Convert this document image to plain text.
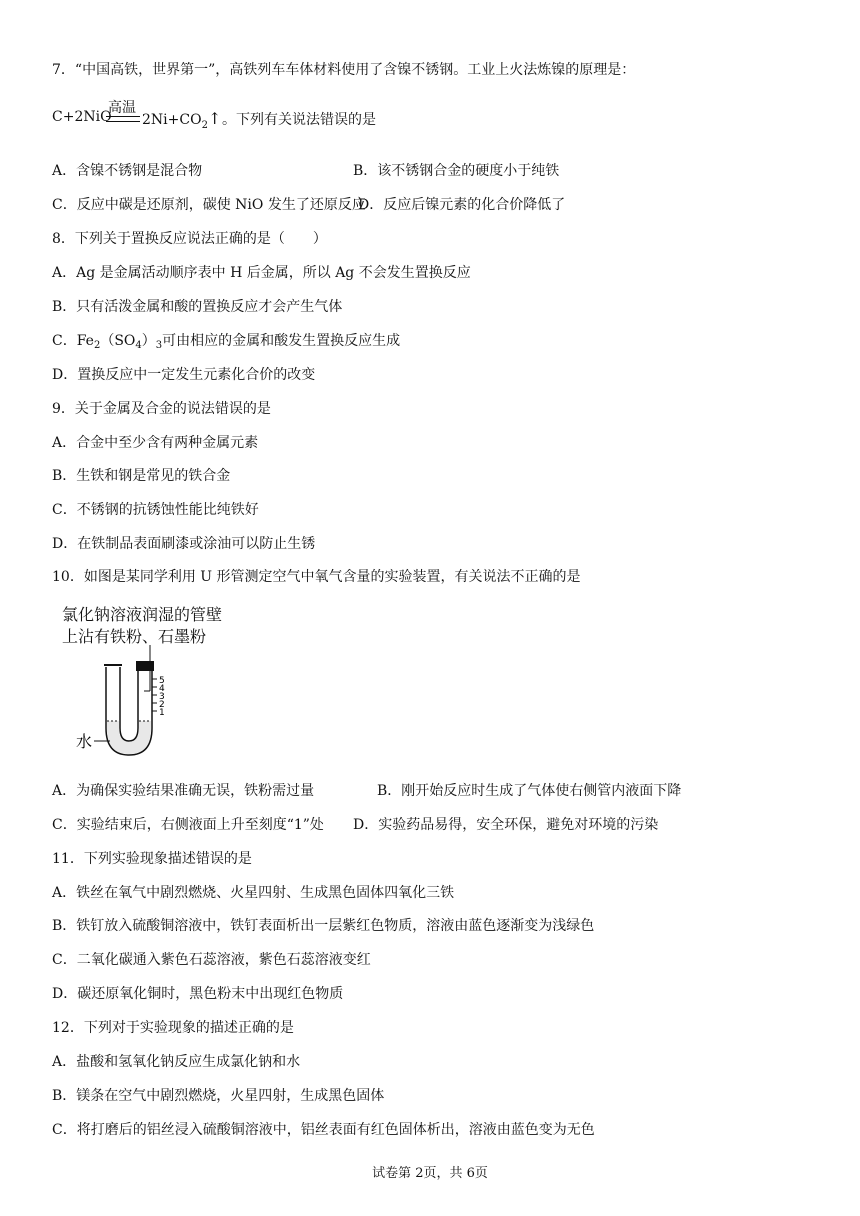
7．“中国高铁，世界第一”，高铁列车车体材料使用了含镍不锈钢。工业上火法炼镍的原理是：
C+2NiO
高温
$2Ni+CO_2↑$ 。下列有关说法错误的是
A．含镍不锈钢是混合物	B．该不锈钢合金的硬度小于纯铁
C．反应中碳是还原剂，碳使 NiO 发生了还原反应
D．反应后镍元素的化合价降低了
8．下列关于置换反应说法正确的是（　　）
A．Ag 是金属活动顺序表中 H 后金属，所以 Ag 不会发生置换反应
B．只有活泼金属和酸的置换反应才会产生气体
C．$Fe_2(SO_4)_3$可由相应的金属和酸发生置换反应生成
D．置换反应中一定发生元素化合价的改变
9．关于金属及合金的说法错误的是
A．合金中至少含有两种金属元素
B．生铁和钢是常见的铁合金
C．不锈钢的抗锈蚀性能比纯铁好
D．在铁制品表面刷漆或涂油可以防止生锈
10．如图是某同学利用 U 形管测定空气中氧气含量的实验装置，有关说法不正确的是
氯化钠溶液润湿的管壁
上沾有铁粉、石墨粉
5
4
3
2
1
水
A．为确保实验结果准确无误，铁粉需过量	B．刚开始反应时生成了气体使右侧管内液面下降
C．实验结束后，右侧液面上升至刻度“1”处 D．实验药品易得，安全环保，避免对环境的污染
11．下列实验现象描述错误的是
A．铁丝在氧气中剧烈燃烧、火星四射、生成黑色固体四氧化三铁
B．铁钉放入硫酸铜溶液中，铁钉表面析出一层紫红色物质，溶液由蓝色逐渐变为浅绿色
C．二氧化碳通入紫色石蕊溶液，紫色石蕊溶液变红
D．碳还原氧化铜时，黑色粉末中出现红色物质
12．下列对于实验现象的描述正确的是
A．盐酸和氢氧化钠反应生成氯化钠和水
B．镁条在空气中剧烈燃烧，火星四射，生成黑色固体
C．将打磨后的铝丝浸入硫酸铜溶液中，铝丝表面有红色固体析出，溶液由蓝色变为无色
试卷第 2页，共 6页
